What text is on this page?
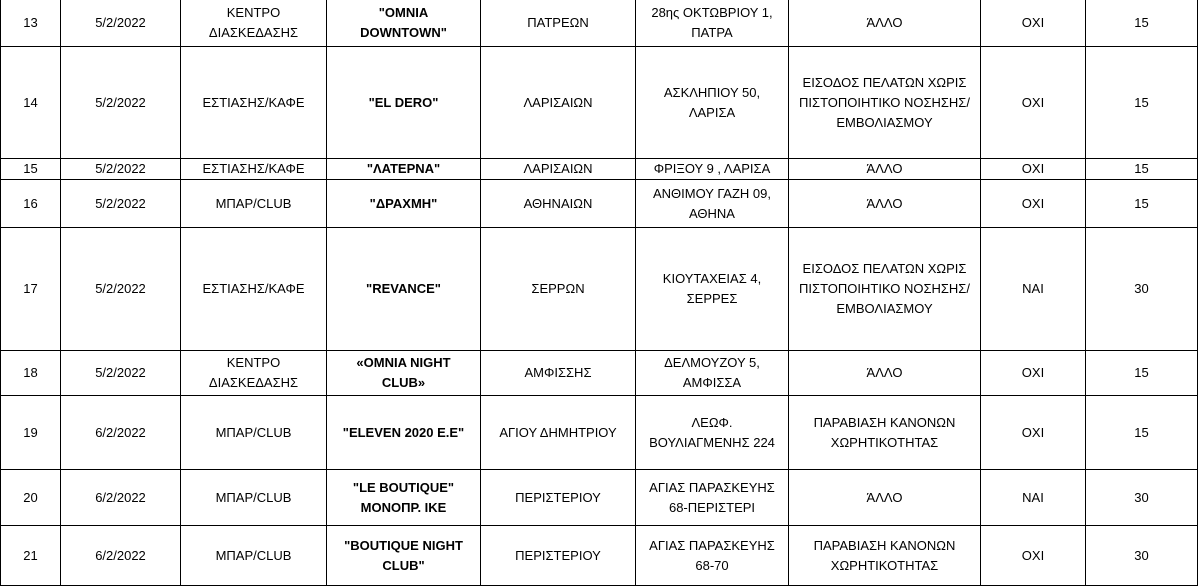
13	5/2/2022	ΚΕΝΤΡΟ ΔΙΑΣΚΕΔΑΣΗΣ	"OMNIA DOWNTOWN"	ΠΑΤΡΕΩΝ	28ης ΟΚΤΩΒΡΙΟΥ 1, ΠΑΤΡΑ	ΆΛΛΟ	ΟΧΙ	15
14	5/2/2022	ΕΣΤΙΑΣΗΣ/ΚΑΦΕ	"EL DERO"	ΛΑΡΙΣΑΙΩΝ	ΑΣΚΛΗΠΙΟΥ 50, ΛΑΡΙΣΑ	ΕΙΣΟΔΟΣ ΠΕΛΑΤΩΝ ΧΩΡΙΣ ΠΙΣΤΟΠΟΙΗΤΙΚΟ ΝΟΣΗΣΗΣ/ΕΜΒΟΛΙΑΣΜΟΥ	ΟΧΙ	15
15	5/2/2022	ΕΣΤΙΑΣΗΣ/ΚΑΦΕ	"ΛΑΤΕΡΝΑ"	ΛΑΡΙΣΑΙΩΝ	ΦΡΙΞΟΥ 9 , ΛΑΡΙΣΑ	ΆΛΛΟ	ΟΧΙ	15
16	5/2/2022	ΜΠΑΡ/CLUB	"ΔΡΑΧΜΗ"	ΑΘΗΝΑΙΩΝ	ΑΝΘΙΜΟΥ ΓΑΖΗ 09, ΑΘΗΝΑ	ΆΛΛΟ	ΟΧΙ	15
17	5/2/2022	ΕΣΤΙΑΣΗΣ/ΚΑΦΕ	"REVANCE"	ΣΕΡΡΩΝ	ΚΙΟΥΤΑΧΕΙΑΣ 4, ΣΕΡΡΕΣ	ΕΙΣΟΔΟΣ ΠΕΛΑΤΩΝ ΧΩΡΙΣ ΠΙΣΤΟΠΟΙΗΤΙΚΟ ΝΟΣΗΣΗΣ/ΕΜΒΟΛΙΑΣΜΟΥ	ΝΑΙ	30
18	5/2/2022	ΚΕΝΤΡΟ ΔΙΑΣΚΕΔΑΣΗΣ	«OMNIA NIGHT CLUB»	ΑΜΦΙΣΣΗΣ	ΔΕΛΜΟΥΖΟΥ 5, ΑΜΦΙΣΣΑ	ΆΛΛΟ	ΟΧΙ	15
19	6/2/2022	ΜΠΑΡ/CLUB	"ELEVEN 2020 E.E"	ΑΓΙΟΥ ΔΗΜΗΤΡΙΟΥ	ΛΕΩΦ. ΒΟΥΛΙΑΓΜΕΝΗΣ 224	ΠΑΡΑΒΙΑΣΗ ΚΑΝΟΝΩΝ ΧΩΡΗΤΙΚΟΤΗΤΑΣ	ΟΧΙ	15
20	6/2/2022	ΜΠΑΡ/CLUB	"LE BOUTIQUE" ΜΟΝΟΠΡ. ΙΚΕ	ΠΕΡΙΣΤΕΡΙΟΥ	ΑΓΙΑΣ ΠΑΡΑΣΚΕΥΗΣ 68-ΠΕΡΙΣΤΕΡΙ	ΆΛΛΟ	ΝΑΙ	30
21	6/2/2022	ΜΠΑΡ/CLUB	"BOUTIQUE NIGHT CLUB"	ΠΕΡΙΣΤΕΡΙΟΥ	ΑΓΙΑΣ ΠΑΡΑΣΚΕΥΗΣ 68-70	ΠΑΡΑΒΙΑΣΗ ΚΑΝΟΝΩΝ ΧΩΡΗΤΙΚΟΤΗΤΑΣ	ΟΧΙ	30
